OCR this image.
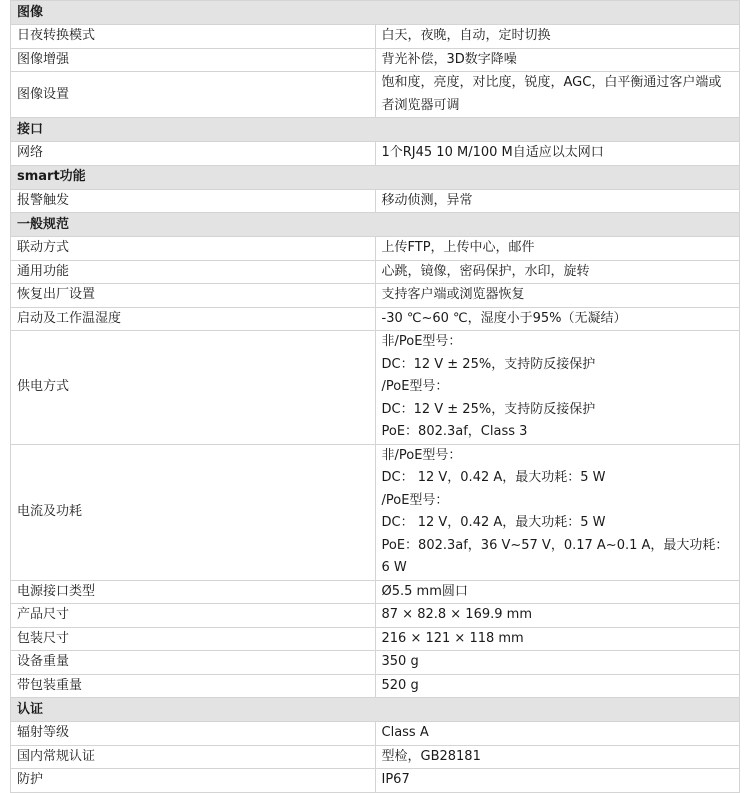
图像	
日夜转换模式	白天，夜晚，自动，定时切换

图像增强	背光补偿，3D数字降噪

图像设置	饱和度，亮度，对比度，锐度，AGC，白平衡通过客户端或者浏览器可调

接口	
网络	1个RJ45 10 M/100 M自适应以太网口

smart功能	
报警触发	移动侦测，异常

一般规范	
联动方式	上传FTP，上传中心，邮件

通用功能	心跳，镜像，密码保护，水印，旋转

恢复出厂设置	支持客户端或浏览器恢复

启动及工作温湿度	-30 ℃~60 ℃，湿度小于95%（无凝结）

供电方式	非/PoE型号：
DC：12 V ± 25%，支持防反接保护
/PoE型号：
DC：12 V ± 25%，支持防反接保护
PoE：802.3af，Class 3

电流及功耗	非/PoE型号：
DC： 12 V，0.42 A，最大功耗：5 W
/PoE型号：
DC： 12 V，0.42 A，最大功耗：5 W
PoE：802.3af，36 V~57 V，0.17 A~0.1 A，最大功耗：6 W

电源接口类型	Ø5.5 mm圆口

产品尺寸	87 × 82.8 × 169.9 mm

包装尺寸	216 × 121 × 118 mm

设备重量	350 g

带包装重量	520 g

认证	
辐射等级	Class A

国内常规认证	型检，GB28181

防护	IP67
